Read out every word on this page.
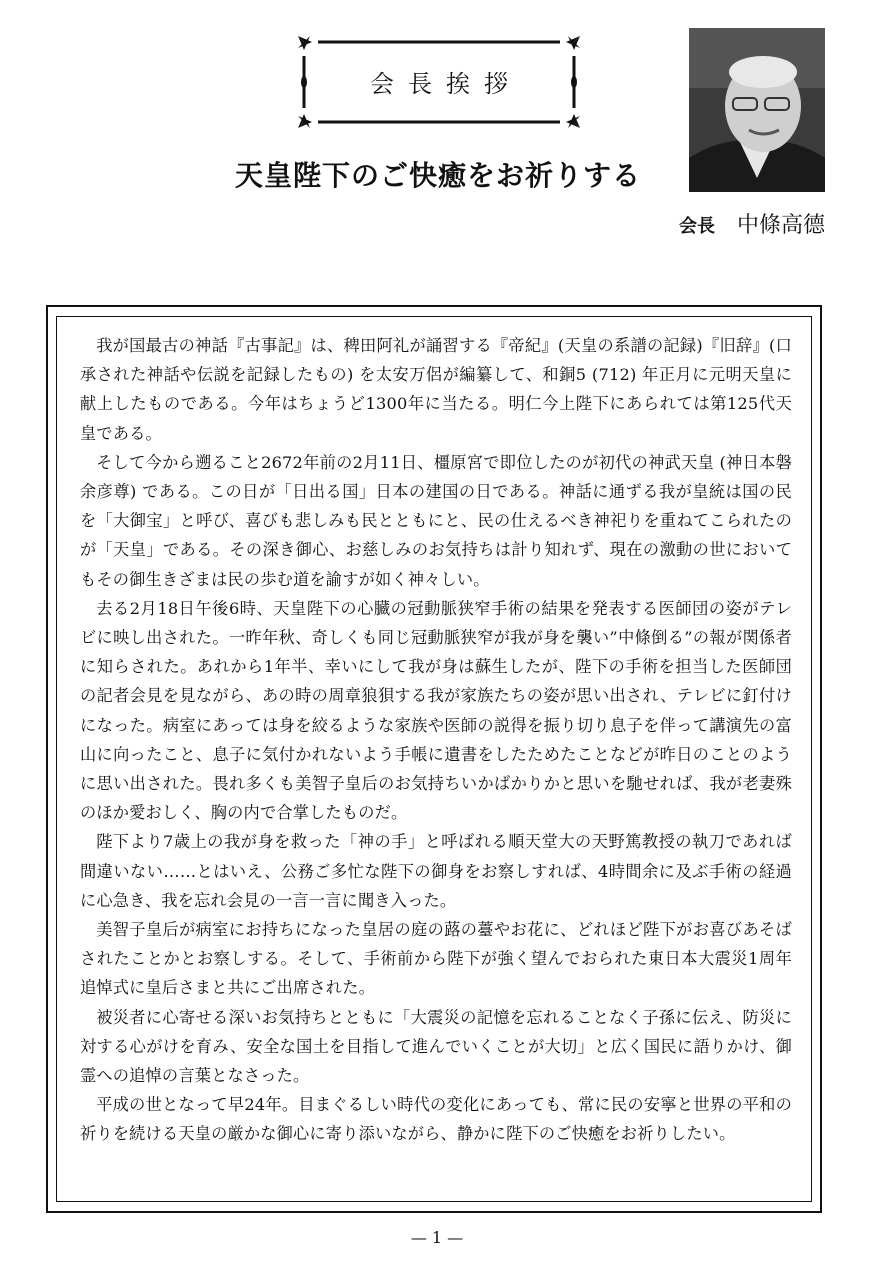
会長挨拶
天皇陛下のご快癒をお祈りする
会長 中條高德

我が国最古の神話『古事記』は、稗田阿礼が誦習する『帝紀』(天皇の系譜の記録)『旧辞』(口承された神話や伝説を記録したもの) を太安万侶が編纂して、和銅5 (712) 年正月に元明天皇に献上したものである。今年はちょうど1300年に当たる。明仁今上陛下にあられては第125代天皇である。

そして今から遡ること2672年前の2月11日、橿原宮で即位したのが初代の神武天皇 (神日本磐余彦尊) である。この日が「日出る国」日本の建国の日である。神話に通ずる我が皇統は国の民を「大御宝」と呼び、喜びも悲しみも民とともにと、民の仕えるべき神祀りを重ねてこられたのが「天皇」である。その深き御心、お慈しみのお気持ちは計り知れず、現在の激動の世においてもその御生きざまは民の歩む道を諭すが如く神々しい。

去る2月18日午後6時、天皇陛下の心臓の冠動脈狭窄手術の結果を発表する医師団の姿がテレビに映し出された。一昨年秋、奇しくも同じ冠動脈狭窄が我が身を襲い”中條倒る”の報が関係者に知らされた。あれから1年半、幸いにして我が身は蘇生したが、陛下の手術を担当した医師団の記者会見を見ながら、あの時の周章狼狽する我が家族たちの姿が思い出され、テレビに釘付けになった。病室にあっては身を絞るような家族や医師の説得を振り切り息子を伴って講演先の富山に向ったこと、息子に気付かれないよう手帳に遺書をしたためたことなどが昨日のことのように思い出された。畏れ多くも美智子皇后のお気持ちいかばかりかと思いを馳せれば、我が老妻殊のほか愛おしく、胸の内で合掌したものだ。

陛下より7歳上の我が身を救った「神の手」と呼ばれる順天堂大の天野篤教授の執刀であれば間違いない……とはいえ、公務ご多忙な陛下の御身をお察しすれば、4時間余に及ぶ手術の経過に心急き、我を忘れ会見の一言一言に聞き入った。

美智子皇后が病室にお持ちになった皇居の庭の蕗の薹やお花に、どれほど陛下がお喜びあそばされたことかとお察しする。そして、手術前から陛下が強く望んでおられた東日本大震災1周年追悼式に皇后さまと共にご出席された。

被災者に心寄せる深いお気持ちとともに「大震災の記憶を忘れることなく子孫に伝え、防災に対する心がけを育み、安全な国土を目指して進んでいくことが大切」と広く国民に語りかけ、御霊への追悼の言葉となさった。

平成の世となって早24年。目まぐるしい時代の変化にあっても、常に民の安寧と世界の平和の祈りを続ける天皇の厳かな御心に寄り添いながら、静かに陛下のご快癒をお祈りしたい。

— 1 —
